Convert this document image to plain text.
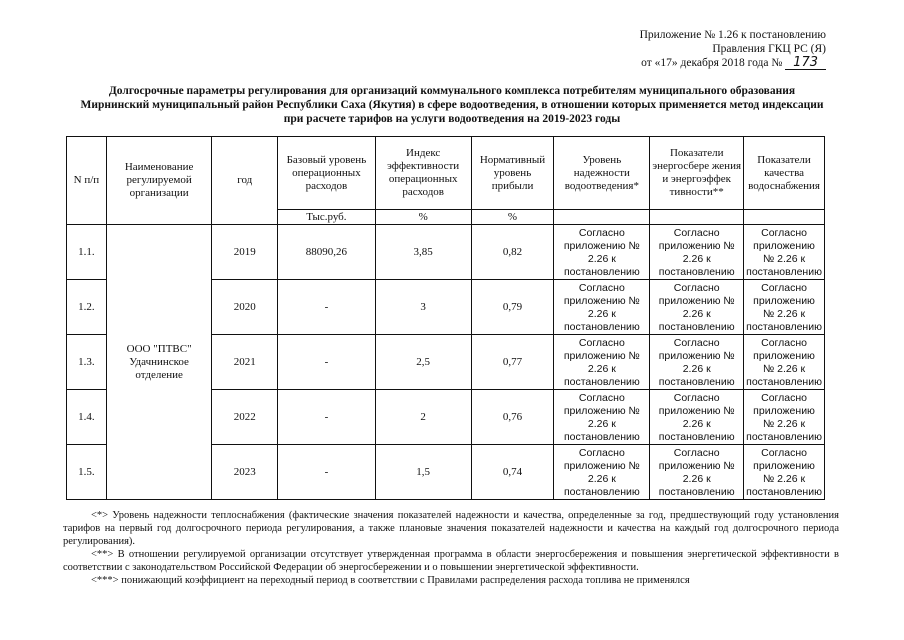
Приложение № 1.26 к постановлению
Правления ГКЦ РС (Я)
от «17» декабря 2018 года № 173
Долгосрочные параметры регулирования для организаций коммунального комплекса потребителям муниципального образования
Мирнинский муниципальный район Республики Саха (Якутия) в сфере водоотведения, в отношении которых применяется метод индексации
при расчете тарифов на услуги водоотведения на 2019-2023 годы
N п/п	Наименование регулируемой организации	год	Базовый уровень операционных расходов	Индекс эффективности операционных расходов	Нормативный уровень прибыли	Уровень надежности водоотведения*	Показатели энергосбере жения и энергоэффек тивности**	Показатели качества водоснабжения
			Тыс.руб.	%	%			
1.1.	ООО "ПТВС" Удачнинское отделение	2019	88090,26	3,85	0,82	Согласно приложению № 2.26 к постановлению	Согласно приложению № 2.26 к постановлению	Согласно приложению № 2.26 к постановлению
1.2.		2020	-	3	0,79	Согласно приложению № 2.26 к постановлению	Согласно приложению № 2.26 к постановлению	Согласно приложению № 2.26 к постановлению
1.3.		2021	-	2,5	0,77	Согласно приложению № 2.26 к постановлению	Согласно приложению № 2.26 к постановлению	Согласно приложению № 2.26 к постановлению
1.4.		2022	-	2	0,76	Согласно приложению № 2.26 к постановлению	Согласно приложению № 2.26 к постановлению	Согласно приложению № 2.26 к постановлению
1.5.		2023	-	1,5	0,74	Согласно приложению № 2.26 к постановлению	Согласно приложению № 2.26 к постановлению	Согласно приложению № 2.26 к постановлению

<*> Уровень надежности теплоснабжения (фактические значения показателей надежности и качества, определенные за год, предшествующий году установления тарифов на первый год долгосрочного периода регулирования, а также плановые значения показателей надежности и качества на каждый год долгосрочного периода регулирования).

<**> В отношении регулируемой организации отсутствует утвержденная программа в области энергосбережения и повышения энергетической эффективности в соответствии с законодательством Российской Федерации об энергосбережении и о повышении энергетической эффективности.

<***> понижающий коэффициент на переходный период в соответствии с Правилами распределения расхода топлива не применялся
